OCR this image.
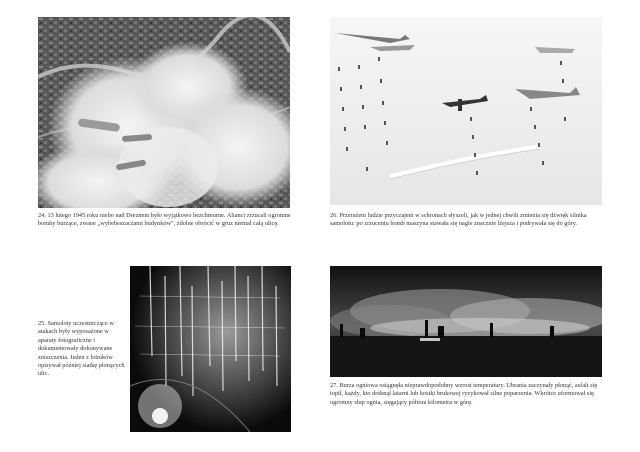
24. 13 lutego 1945 roku niebo nad Dreznem było wyjątkowo bezchmurne. Alianci zrzucali ogromne bomby burzące, zwane „wybebeszaczami budynków", zdolne obrócić w gruz niemal całą ulicę.

26. Przerażeni ludzie przyczajeni w schronach słyszeli, jak w jednej chwili zmienia się dźwięk silnika samolotu: po zrzuceniu bomb maszyna stawała się nagle znacznie lżejsza i podrywała się do góry.

25. Samoloty uczestniczące w atakach były wyposażone w aparaty fotograficzne i dokumentowały dokonywane zniszczenia. Jeden z lotników opisywał później siatkę płonących ulic.

27. Burza ogniowa osiągnęła nieprawdopodobny wzrost temperatury. Ubrania zaczynały płonąć, asfalt się topił, każdy, kto dotknął latarni lub kostki brukowej ryzykował silne poparzenia. Wkrótce uformował się ogromny słup ognia, sięgający półtora kilometra w górę.
